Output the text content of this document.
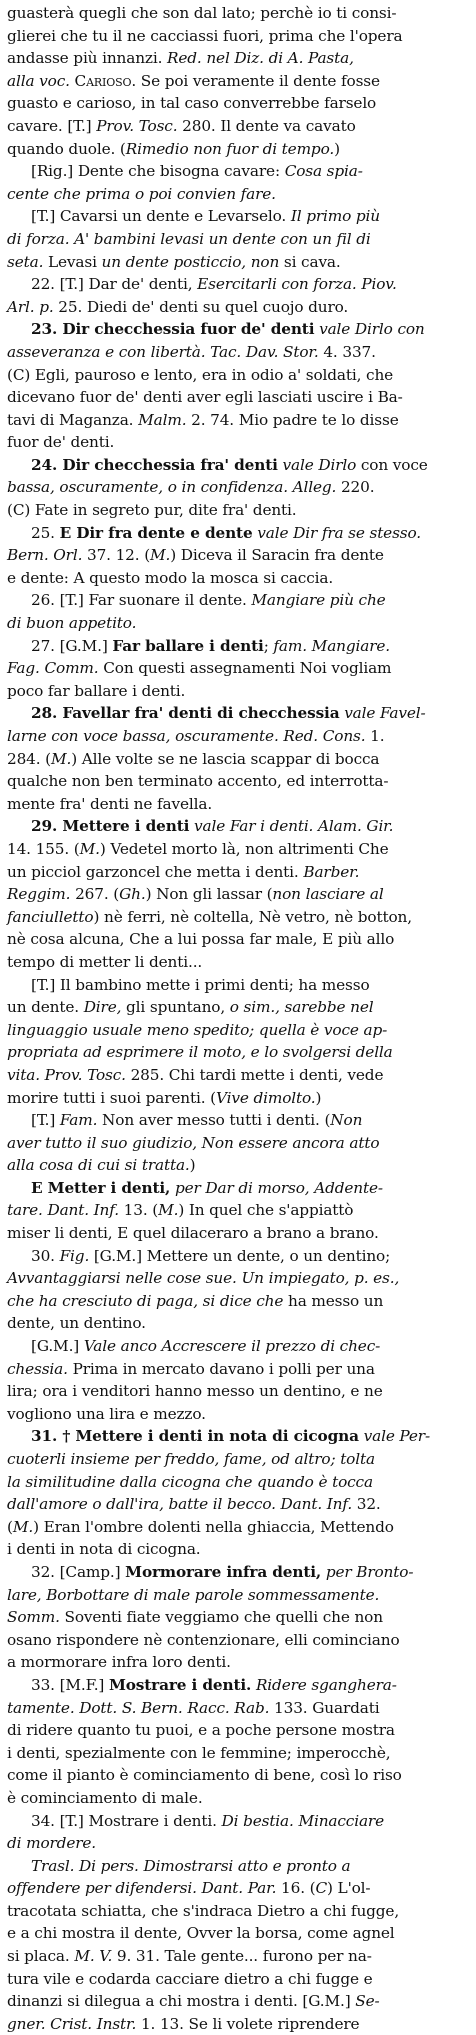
guasterà quegli che son dal lato; perchè io ti consi-
glierei che tu il ne cacciassi fuori, prima che l'opera
andasse più innanzi. Red. nel Diz. di A. Pasta,
alla voc. Carioso. Se poi veramente il dente fosse
guasto e carioso, in tal caso converrebbe farselo
cavare. [T.] Prov. Tosc. 280. Il dente va cavato
quando duole. (Rimedio non fuor di tempo.)
[Rig.] Dente che bisogna cavare: Cosa spia-
cente che prima o poi convien fare.
[T.] Cavarsi un dente e Levarselo. Il primo più
di forza. A' bambini levasi un dente con un fil di
seta. Levasi un dente posticcio, non si cava.
22. [T.] Dar de' denti, Esercitarli con forza. Piov.
Arl. p. 25. Diedi de' denti su quel cuojo duro.
23. Dir checchessia fuor de' denti vale Dirlo con
asseveranza e con libertà. Tac. Dav. Stor. 4. 337.
(C) Egli, pauroso e lento, era in odio a' soldati, che
dicevano fuor de' denti aver egli lasciati uscire i Ba-
tavi di Maganza. Malm. 2. 74. Mio padre te lo disse
fuor de' denti.
24. Dir checchessia fra' denti vale Dirlo con voce
bassa, oscuramente, o in confidenza. Alleg. 220.
(C) Fate in segreto pur, dite fra' denti.
25. E Dir fra dente e dente vale Dir fra se stesso.
Bern. Orl. 37. 12. (M.) Diceva il Saracin fra dente
e dente: A questo modo la mosca si caccia.
26. [T.] Far suonare il dente. Mangiare più che
di buon appetito.
27. [G.M.] Far ballare i denti; fam. Mangiare.
Fag. Comm. Con questi assegnamenti Noi vogliam
poco far ballare i denti.
28. Favellar fra' denti di checchessia vale Favel-
larne con voce bassa, oscuramente. Red. Cons. 1.
284. (M.) Alle volte se ne lascia scappar di bocca
qualche non ben terminato accento, ed interrotta-
mente fra' denti ne favella.
29. Mettere i denti vale Far i denti. Alam. Gir.
14. 155. (M.) Vedetel morto là, non altrimenti Che
un picciol garzoncel che metta i denti. Barber.
Reggim. 267. (Gh.) Non gli lassar (non lasciare al
fanciulletto) nè ferri, nè coltella, Nè vetro, nè botton,
nè cosa alcuna, Che a lui possa far male, E più allo
tempo di metter li denti...
[T.] Il bambino mette i primi denti; ha messo
un dente. Dire, gli spuntano, o sim., sarebbe nel
linguaggio usuale meno spedito; quella è voce ap-
propriata ad esprimere il moto, e lo svolgersi della
vita. Prov. Tosc. 285. Chi tardi mette i denti, vede
morire tutti i suoi parenti. (Vive dimolto.)
[T.] Fam. Non aver messo tutti i denti. (Non
aver tutto il suo giudizio, Non essere ancora atto
alla cosa di cui si tratta.)
E Metter i denti, per Dar di morso, Addente-
tare. Dant. Inf. 13. (M.) In quel che s'appiattò
miser li denti, E quel dilacerаro a brano a brano.
30. Fig. [G.M.] Mettere un dente, o un dentino;
Avvantaggiarsi nelle cose sue. Un impiegato, p. es.,
che ha cresciuto di paga, si dice che ha messo un
dente, un dentino.
[G.M.] Vale anco Accrescere il prezzo di chec-
chessia. Prima in mercato davano i polli per una
lira; ora i venditori hanno messo un dentino, e ne
vogliono una lira e mezzo.
31. † Mettere i denti in nota di cicogna vale Per-
cuoterli insieme per freddo, fame, od altro; tolta
la similitudine dalla cicogna che quando è tocca
dall'amore o dall'ira, batte il becco. Dant. Inf. 32.
(M.) Eran l'ombre dolenti nella ghiaccia, Mettendo
i denti in nota di cicogna.
32. [Camp.] Mormorare infra denti, per Bronto-
lare, Borbottare di male parole sommessamente.
Somm. Soventi fiate veggiamo che quelli che non
osano rispondere nè contenzionare, elli cominciano
a mormorare infra loro denti.
33. [M.F.] Mostrare i denti. Ridere sganghera-
tamente. Dott. S. Bern. Racc. Rab. 133. Guardati
di ridere quanto tu puoi, e a poche persone mostra
i denti, spezialmente con le femmine; imperocchè,
come il pianto è cominciamento di bene, così lo riso
è cominciamento di male.
34. [T.] Mostrare i denti. Di bestia. Minacciare
di mordere.
Trasl. Di pers. Dimostrarsi atto e pronto a
offendere per difendersi. Dant. Par. 16. (C) L'ol-
tracotata schiatta, che s'indraca Dietro a chi fugge,
e a chi mostra il dente, Ovver la borsa, come agnel
si placa. M. V. 9. 31. Tale gente... furono per na-
tura vile e codarda cacciare dietro a chi fugge e
dinanzi si dilegua a chi mostra i denti. [G.M.] Se-
gner. Crist. Instr. 1. 13. Se li volete riprendere
